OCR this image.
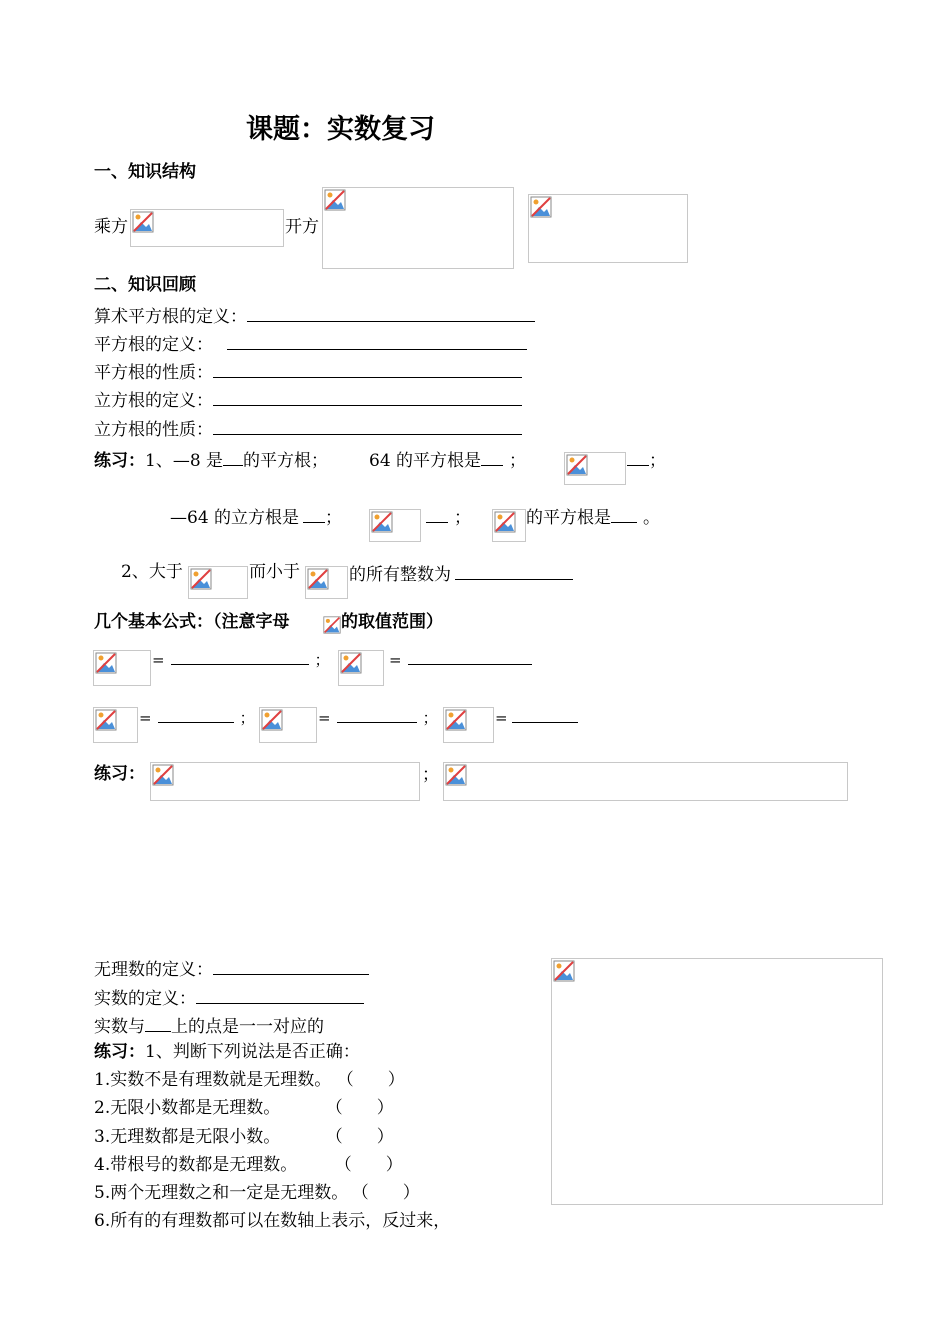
课题：实数复习
一、知识结构
乘方	开方
二、知识回顾
算术平方根的定义：
平方根的定义：
平方根的性质：
立方根的定义：
立方根的性质：
练习：1、—8 是 的平方根； 64 的平方根是 ；	；
—64 的立方根是 ；	；	的平方根是 。
2、大于	而小于	的所有整数为
几个基本公式：（注意字母	的取值范围）
=	；	=
=	；	=	；	=
练习：	；
无理数的定义：
实数的定义：
实数与 上的点是一一对应的
练习：1、判断下列说法是否正确：
1.实数不是有理数就是无理数。 （　　）
2.无限小数都是无理数。	（　　）
3.无理数都是无限小数。	（　　）
4.带根号的数都是无理数。	（　　）
5.两个无理数之和一定是无理数。 （　　）
6.所有的有理数都可以在数轴上表示，反过来，
